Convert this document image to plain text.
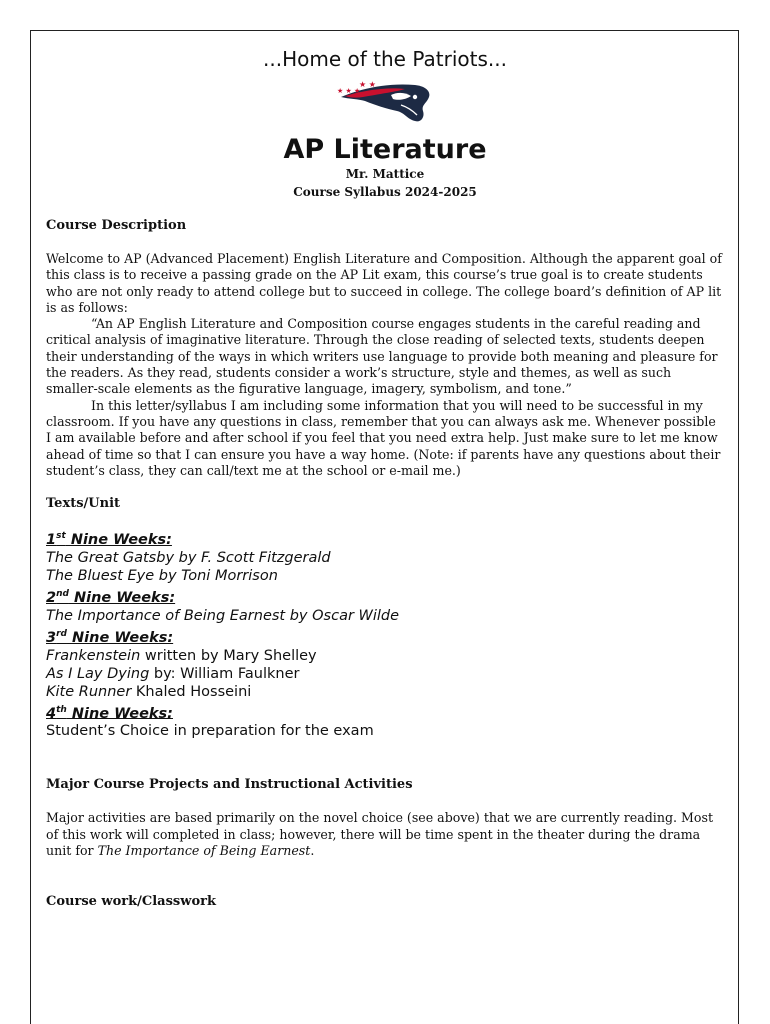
...Home of the Patriots...

★ ★ ★
★ ★

AP Literature

Mr. Mattice

Course Syllabus 2024-2025

Course Description

Welcome to AP (Advanced Placement) English Literature and Composition. Although the apparent goal of this class is to receive a passing grade on the AP Lit exam, this course’s true goal is to create students who are not only ready to attend college but to succeed in college. The college board’s definition of AP lit is as follows:

“An AP English Literature and Composition course engages students in the careful reading and critical analysis of imaginative literature. Through the close reading of selected texts, students deepen their understanding of the ways in which writers use language to provide both meaning and pleasure for the readers. As they read, students consider a work’s structure, style and themes, as well as such smaller-scale elements as the figurative language, imagery, symbolism, and tone.”

In this letter/syllabus I am including some information that you will need to be successful in my classroom. If you have any questions in class, remember that you can always ask me. Whenever possible I am available before and after school if you feel that you need extra help. Just make sure to let me know ahead of time so that I can ensure you have a way home. (Note: if parents have any questions about their student’s class, they can call/text me at the school or e-mail me.)

Texts/Unit
1st Nine Weeks:
The Great Gatsby by F. Scott Fitzgerald
The Bluest Eye by Toni Morrison
2nd Nine Weeks:
The Importance of Being Earnest by Oscar Wilde
3rd Nine Weeks:
Frankenstein written by Mary Shelley
As I Lay Dying by: William Faulkner
Kite Runner Khaled Hosseini
4th Nine Weeks:
Student’s Choice in preparation for the exam
Major Course Projects and Instructional Activities

Major activities are based primarily on the novel choice (see above) that we are currently reading. Most of this work will completed in class; however, there will be time spent in the theater during the drama unit for The Importance of Being Earnest.

Course work/Classwork
